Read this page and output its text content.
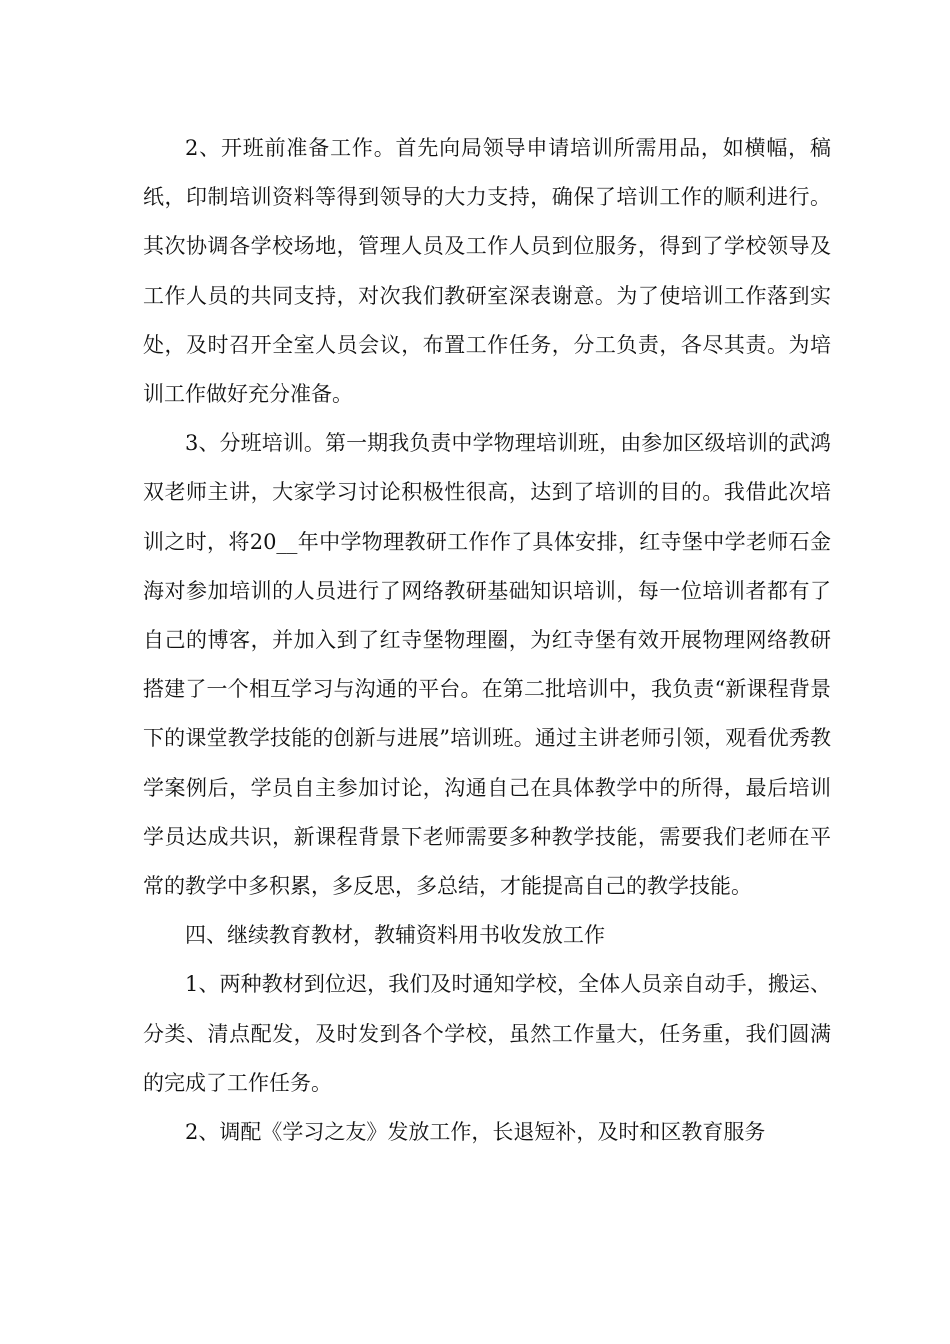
2、开班前准备工作。首先向局领导申请培训所需用品，如横幅，稿纸，印制培训资料等得到领导的大力支持，确保了培训工作的顺利进行。其次协调各学校场地，管理人员及工作人员到位服务，得到了学校领导及工作人员的共同支持，对次我们教研室深表谢意。为了使培训工作落到实处，及时召开全室人员会议，布置工作任务，分工负责，各尽其责。为培训工作做好充分准备。

3、分班培训。第一期我负责中学物理培训班，由参加区级培训的武鸿双老师主讲，大家学习讨论积极性很高，达到了培训的目的。我借此次培训之时，将20__年中学物理教研工作作了具体安排，红寺堡中学老师石金海对参加培训的人员进行了网络教研基础知识培训，每一位培训者都有了自己的博客，并加入到了红寺堡物理圈，为红寺堡有效开展物理网络教研搭建了一个相互学习与沟通的平台。在第二批培训中，我负责“新课程背景下的课堂教学技能的创新与进展”培训班。通过主讲老师引领，观看优秀教学案例后，学员自主参加讨论，沟通自己在具体教学中的所得，最后培训学员达成共识，新课程背景下老师需要多种教学技能，需要我们老师在平常的教学中多积累，多反思，多总结，才能提高自己的教学技能。

四、继续教育教材，教辅资料用书收发放工作

1、两种教材到位迟，我们及时通知学校，全体人员亲自动手，搬运、分类、清点配发，及时发到各个学校，虽然工作量大，任务重，我们圆满的完成了工作任务。

2、调配《学习之友》发放工作，长退短补，及时和区教育服务
